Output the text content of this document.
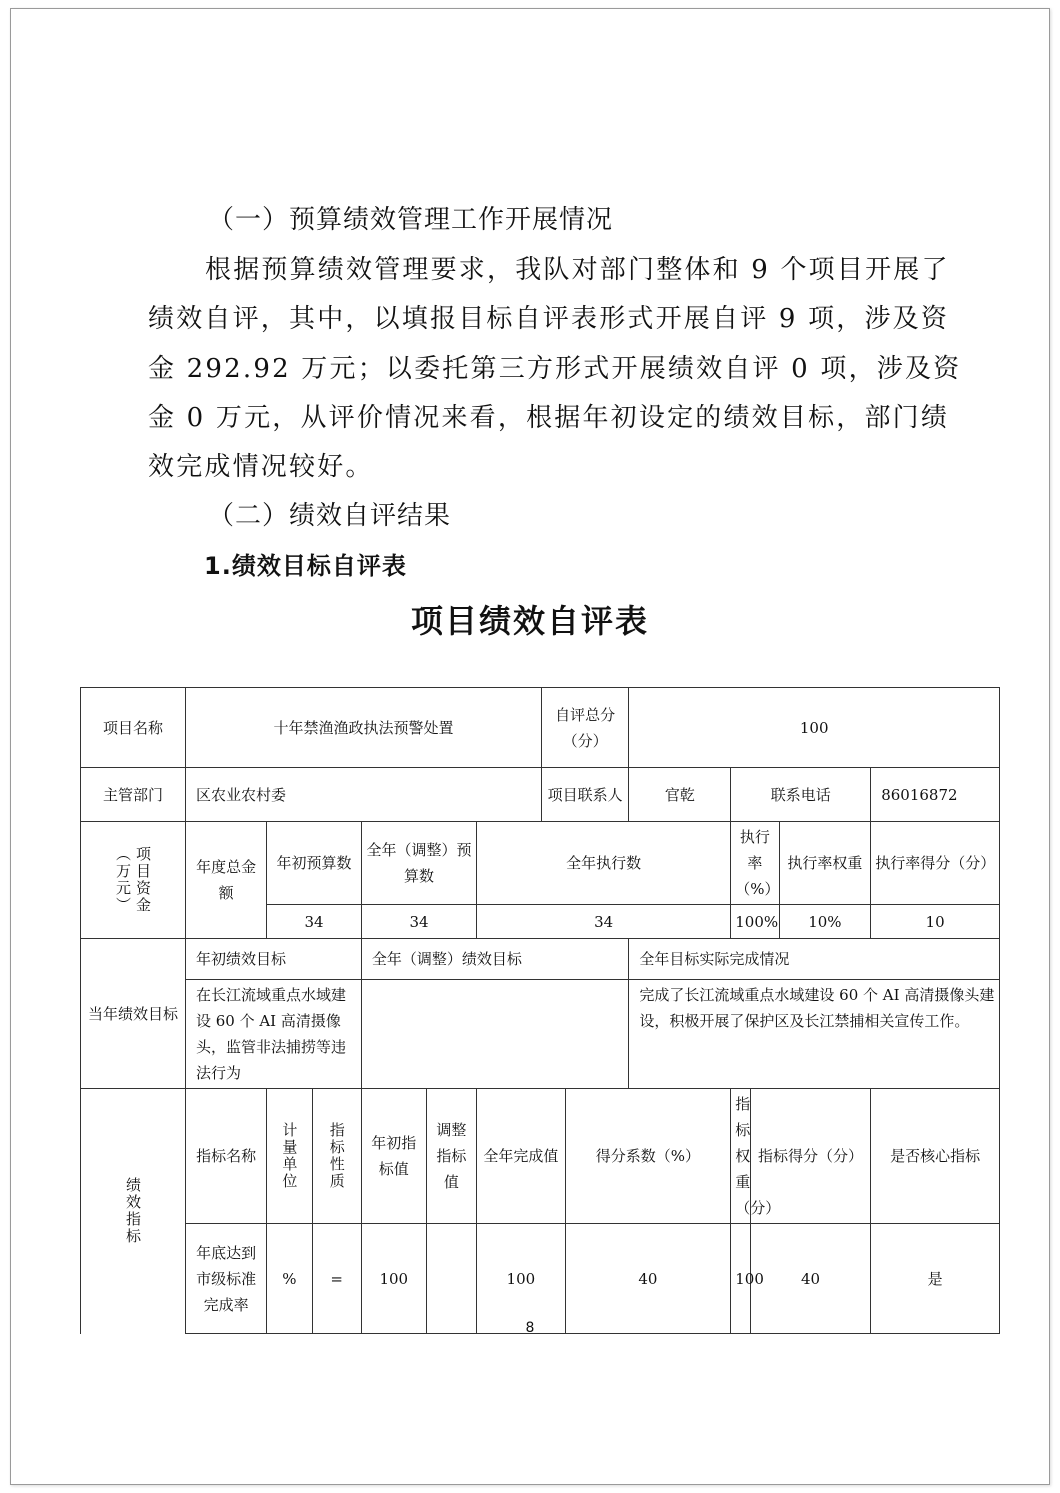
（一）预算绩效管理工作开展情况
根据预算绩效管理要求，我队对部门整体和 9 个项目开展了
绩效自评，其中，以填报目标自评表形式开展自评 9 项，涉及资
金 292.92 万元；以委托第三方形式开展绩效自评 0 项，涉及资
金 0 万元，从评价情况来看，根据年初设定的绩效目标，部门绩
效完成情况较好。
（二）绩效自评结果
1.绩效目标自评表
项目绩效自评表
项目名称	十年禁渔渔政执法预警处置						自评总分（分）		100				
主管部门	区农业农村委						项目联系人		官乾	联系电话			86016872

项目资金（万元）	年度总金额	年初预算数		全年（调整）预算数		全年执行数				执行率（%）		执行率权重	执行率得分（分）
		34		34		34				100%		10%	10
当年绩效目标	年初绩效目标			全年（调整）绩效目标					全年目标实际完成情况				
	在长江流域重点水域建设 60 个 AI 高清摄像头，监管非法捕捞等违法行为								完成了长江流域重点水域建设 60 个 AI 高清摄像头建设，积极开展了保护区及长江禁捕相关宣传工作。				

绩效指标	指标名称	计量单位	指标性质	年初指标值	调整指标值	全年完成值		得分系数（%）		指标权重（分）	指标得分（分）		是否核心指标
	年底达到市级标准完成率	%	=	100		100		40		100	40		是
8
